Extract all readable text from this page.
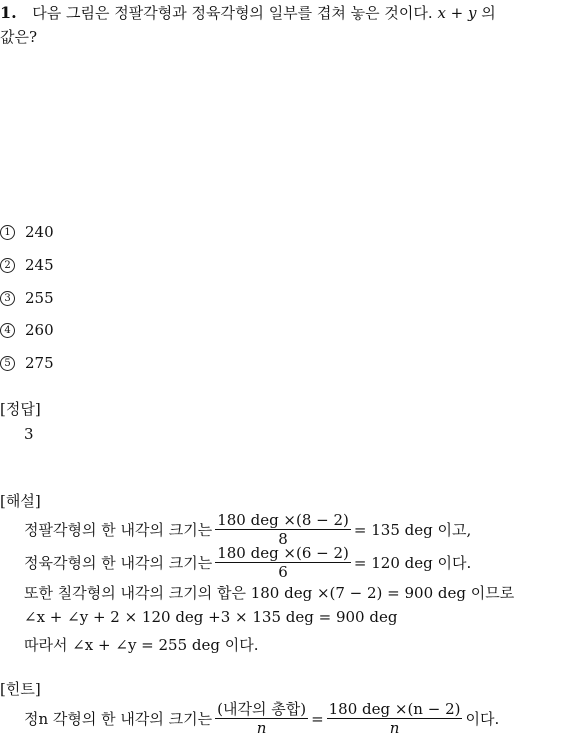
1. 다음 그림은 정팔각형과 정육각형의 일부를 겹쳐 놓은 것이다. x + y 의
값은?
1 240
2 245
3 255
4 260
5 275
[정답]
3
[해설]
정팔각형의 한 내각의 크기는 $\frac{\text{180 deg ×(8 − 2)}}{8} = 135$ deg 이고,
정육각형의 한 내각의 크기는 $\frac{\text{180 deg ×(6 − 2)}}{6} = 120$ deg 이다.
또한 칠각형의 내각의 크기의 합은 180 deg ×(7 − 2) = 900 deg 이므로
∠x + ∠y + 2 × 120 deg +3 × 135 deg = 900 deg
따라서 ∠x + ∠y = 255 deg 이다.
[힌트]
정n 각형의 한 내각의 크기는 $\frac{\text{(내각의 총합)}}{n} = \frac{\text{180 deg ×(n − 2)}}{n}$ 이다.
